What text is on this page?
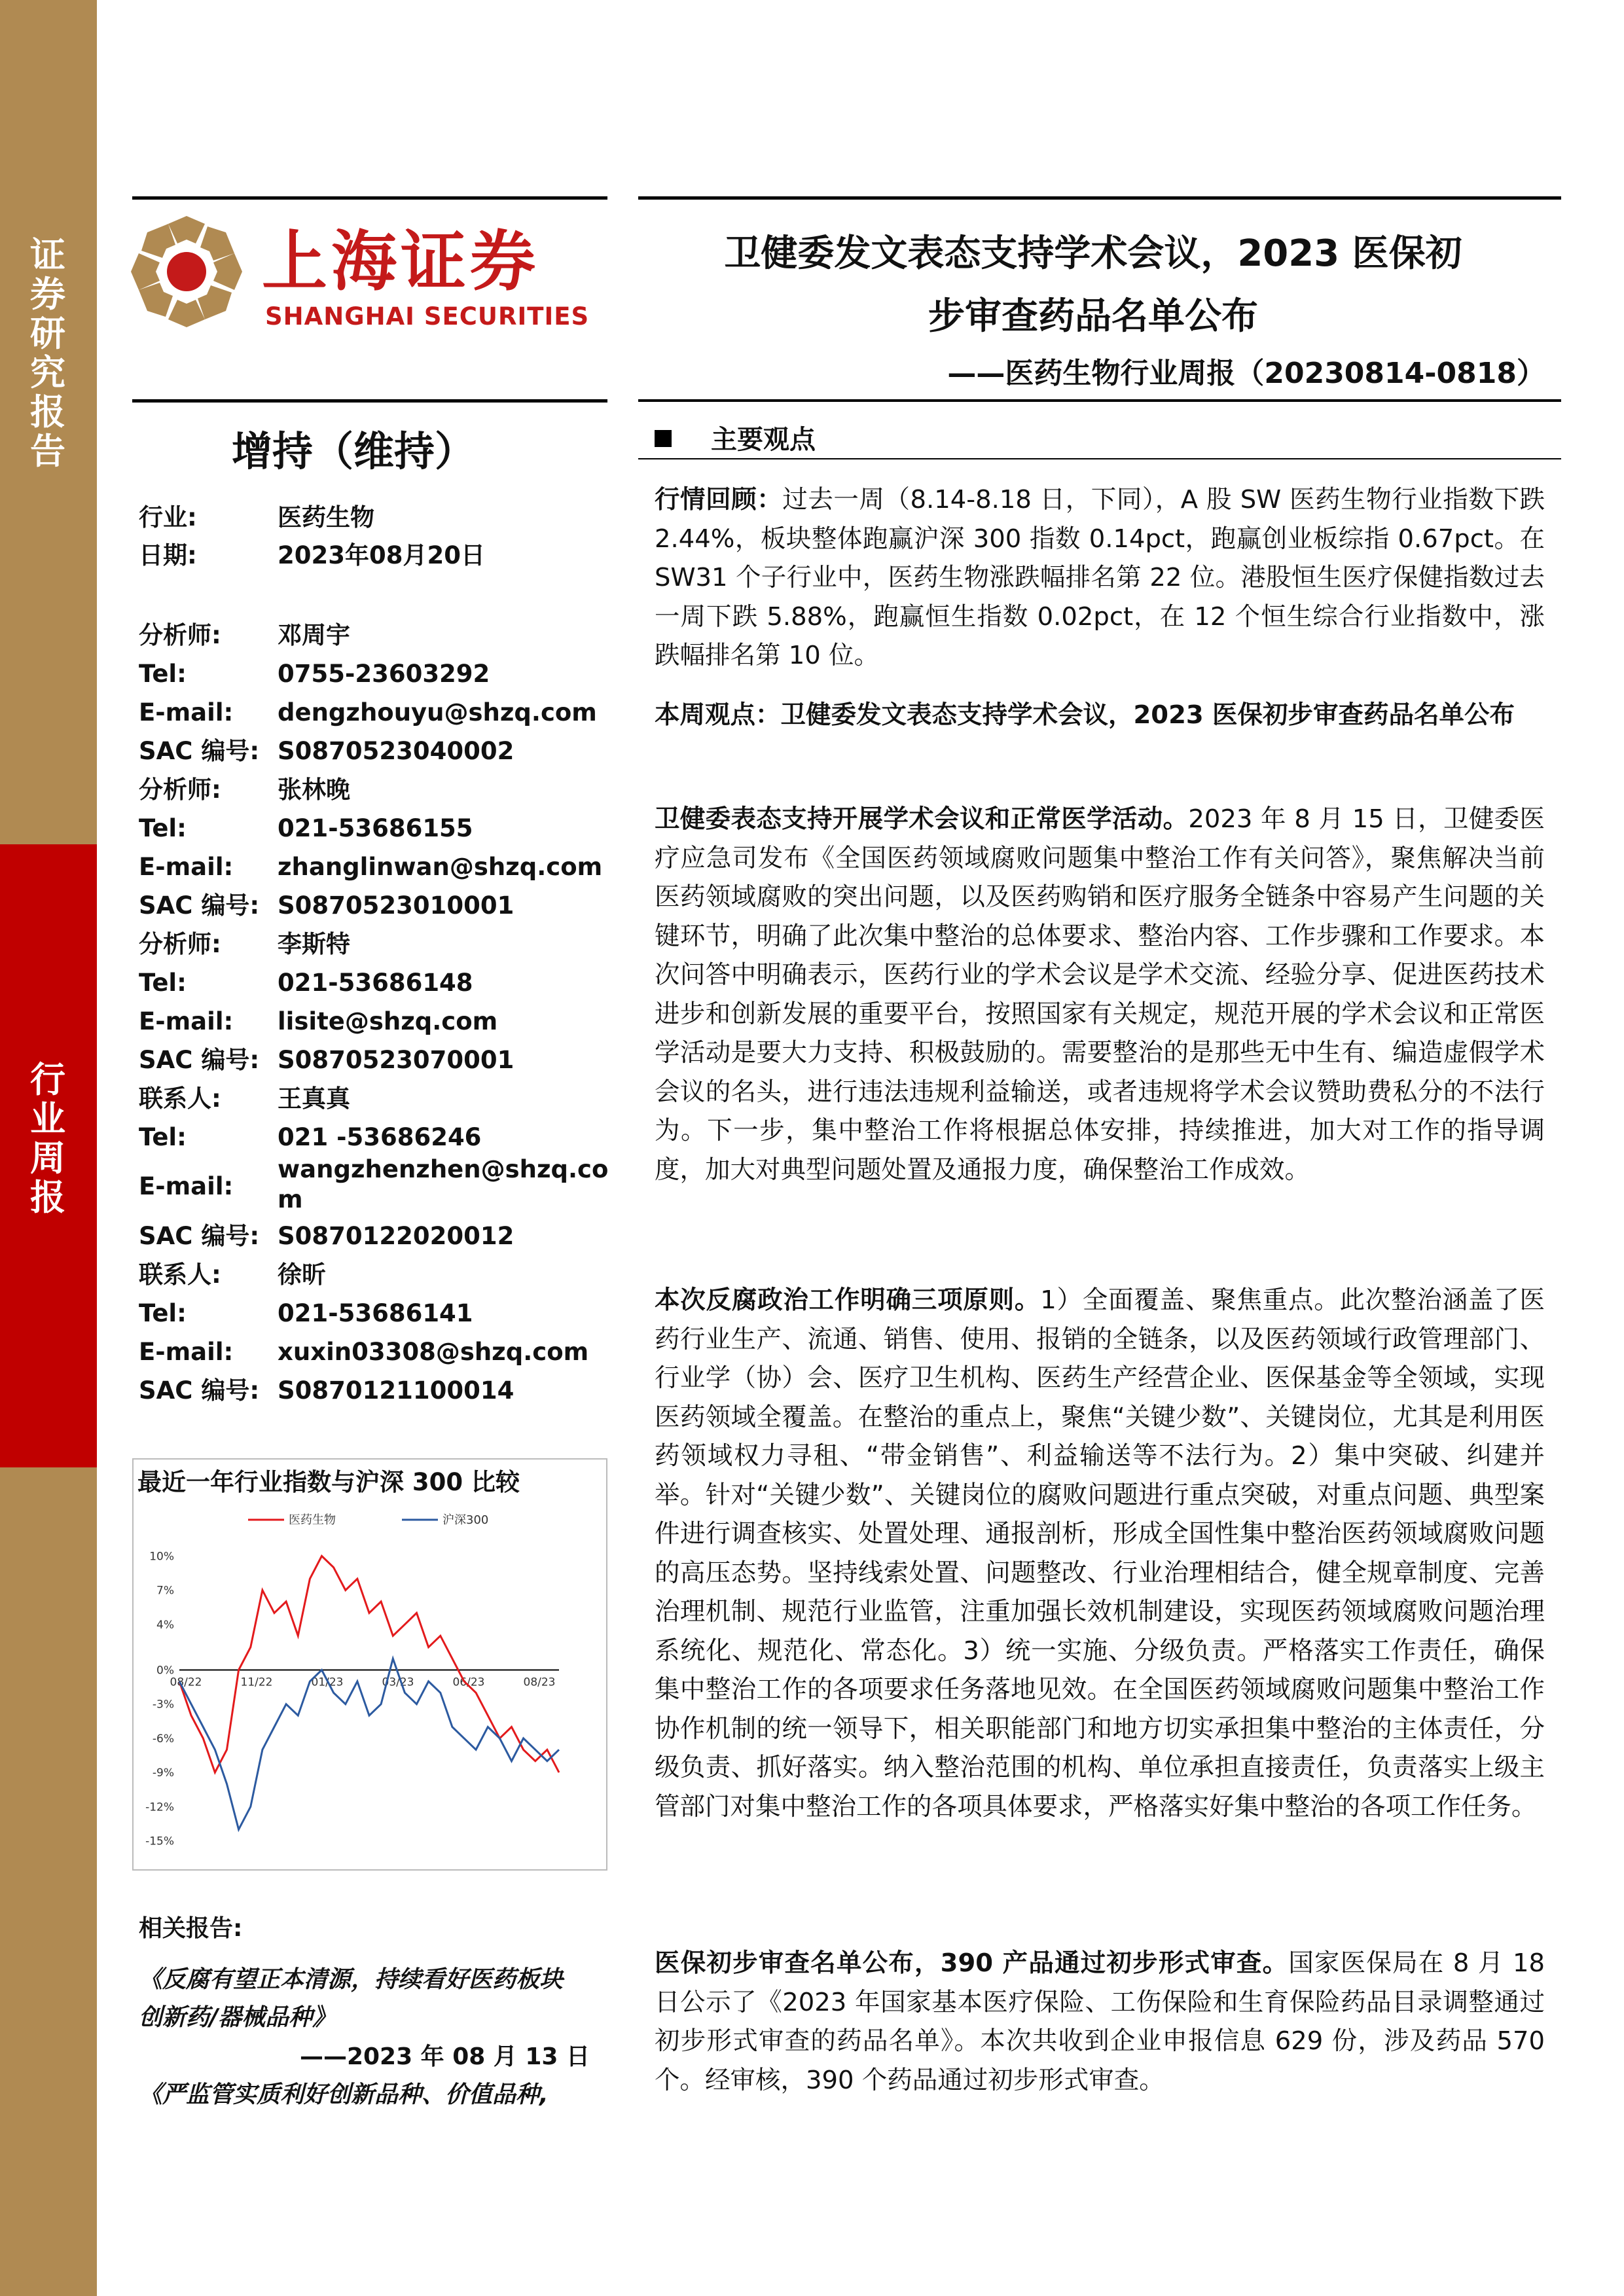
证券研究报告
行业周报
上海证券
SHANGHAI SECURITIES
卫健委发文表态支持学术会议，2023 医保初
步审查药品名单公布
——医药生物行业周报（20230814-0818）
增持（维持）
行业:	医药生物
日期:	2023年08月20日
分析师: 邓周宇
Tel:	0755-23603292
E-mail: dengzhouyu@shzq.com
SAC 编号: S0870523040002
分析师: 张林晚
Tel:	021-53686155
E-mail: zhanglinwan@shzq.com
SAC 编号: S0870523010001
分析师: 李斯特
Tel:	021-53686148
E-mail: lisite@shzq.com
SAC 编号: S0870523070001
联系人: 王真真
Tel:	021 -53686246
E-mail:
wangzhenzhen@shzq.co
m
SAC 编号: S0870122020012
联系人: 徐昕
Tel:	021-53686141
E-mail: xuxin03308@shzq.com
SAC 编号: S0870121100014
最近一年行业指数与沪深 300 比较
10%
7%
4%
0%
-3%
-6%
-9%
-12%
-15%
08/22	11/22	01/23	03/23	06/23	08/23
医药生物	沪深300
相关报告:
《反腐有望正本清源，持续看好医药板块
创新药/器械品种》
——2023 年 08 月 13 日
《严监管实质利好创新品种、价值品种,
主要观点
行情回顾：过去一周（8.14-8.18 日，下同），A 股 SW 医药生物行业指数下跌 2.44%，板块整体跑赢沪深 300 指数 0.14pct，跑赢创业板综指 0.67pct。在 SW31 个子行业中，医药生物涨跌幅排名第 22 位。港股恒生医疗保健指数过去一周下跌 5.88%，跑赢恒生指数 0.02pct，在 12 个恒生综合行业指数中，涨跌幅排名第 10 位。
本周观点：卫健委发文表态支持学术会议，2023 医保初步审查药品名单公布
卫健委表态支持开展学术会议和正常医学活动。2023 年 8 月 15 日，卫健委医疗应急司发布《全国医药领域腐败问题集中整治工作有关问答》，聚焦解决当前医药领域腐败的突出问题，以及医药购销和医疗服务全链条中容易产生问题的关键环节，明确了此次集中整治的总体要求、整治内容、工作步骤和工作要求。本次问答中明确表示，医药行业的学术会议是学术交流、经验分享、促进医药技术进步和创新发展的重要平台，按照国家有关规定，规范开展的学术会议和正常医学活动是要大力支持、积极鼓励的。需要整治的是那些无中生有、编造虚假学术会议的名头，进行违法违规利益输送，或者违规将学术会议赞助费私分的不法行为。下一步，集中整治工作将根据总体安排，持续推进，加大对工作的指导调度，加大对典型问题处置及通报力度，确保整治工作成效。
本次反腐政治工作明确三项原则。1）全面覆盖、聚焦重点。此次整治涵盖了医药行业生产、流通、销售、使用、报销的全链条，以及医药领域行政管理部门、行业学（协）会、医疗卫生机构、医药生产经营企业、医保基金等全领域，实现医药领域全覆盖。在整治的重点上，聚焦“关键少数”、关键岗位，尤其是利用医药领域权力寻租、“带金销售”、利益输送等不法行为。2）集中突破、纠建并举。针对“关键少数”、关键岗位的腐败问题进行重点突破，对重点问题、典型案件进行调查核实、处置处理、通报剖析，形成全国性集中整治医药领域腐败问题的高压态势。坚持线索处置、问题整改、行业治理相结合，健全规章制度、完善治理机制、规范行业监管，注重加强长效机制建设，实现医药领域腐败问题治理系统化、规范化、常态化。3）统一实施、分级负责。严格落实工作责任，确保集中整治工作的各项要求任务落地见效。在全国医药领域腐败问题集中整治工作协作机制的统一领导下，相关职能部门和地方切实承担集中整治的主体责任，分级负责、抓好落实。纳入整治范围的机构、单位承担直接责任，负责落实上级主管部门对集中整治工作的各项具体要求，严格落实好集中整治的各项工作任务。
医保初步审查名单公布，390 产品通过初步形式审查。国家医保局在 8 月 18 日公示了《2023 年国家基本医疗保险、工伤保险和生育保险药品目录调整通过初步形式审查的药品名单》。本次共收到企业申报信息 629 份，涉及药品 570 个。经审核，390 个药品通过初步形式审查。
